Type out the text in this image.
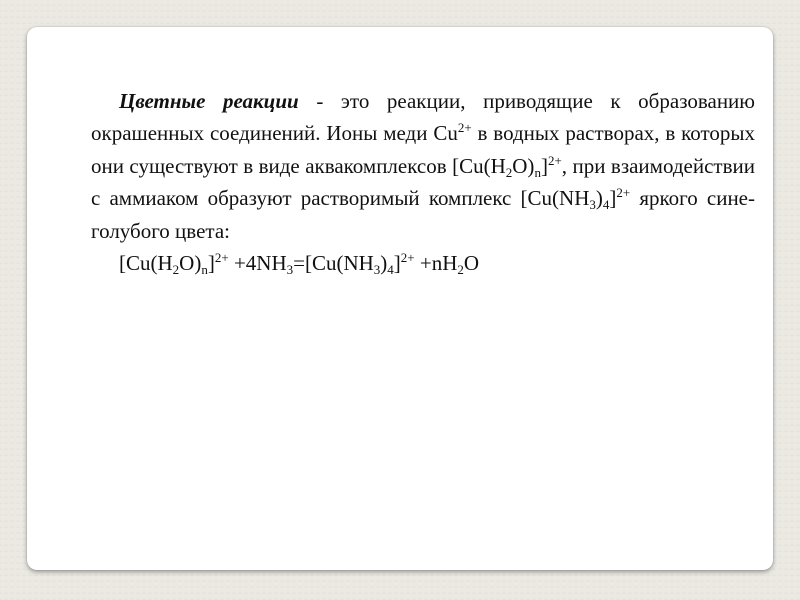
Цветные реакции - это реакции, приводящие к образованию окрашенных соединений. Ионы меди $Cu^{2+}$ в водных растворах, в которых они существуют в виде аквакомплексов $[Cu(H_2O)_n]^{2+}$, при взаимодействии с аммиаком образуют растворимый комплекс $[Cu(NH_3)_4]^{2+}$ яркого сине-голубого цвета:

$[Cu(H_2O)_n]^{2+} +4NH_3=[Cu(NH_3)_4]^{2+} +nH_2O$
